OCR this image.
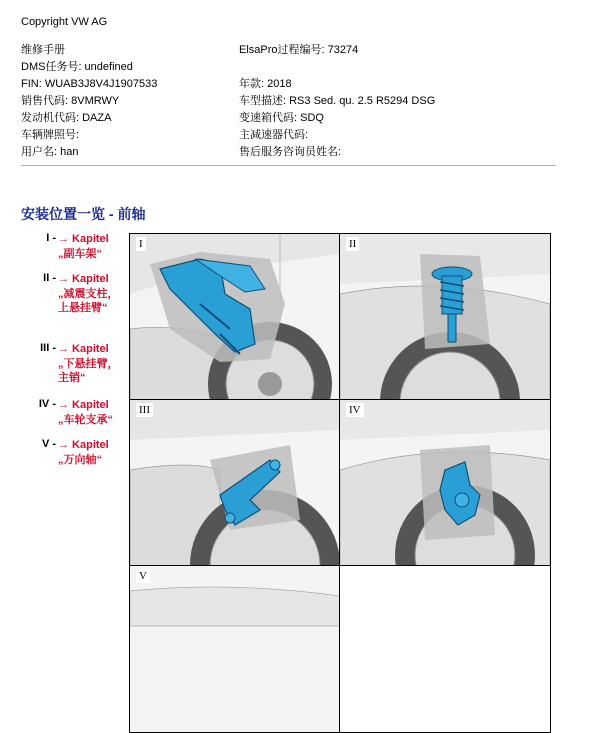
Copyright VW AG
维修手册
DMS任务号: undefined
FIN: WUAB3J8V4J1907533
销售代码: 8VMRWY
发动机代码: DAZA
车辆牌照号:
用户名: han
ElsaPro过程编号: 73274
年款: 2018
车型描述: RS3 Sed. qu. 2.5 R5294 DSG
变速箱代码: SDQ
主减速器代码:
售后服务咨询员姓名:
安装位置一览 - 前轴
I - → Kapitel „副车架“
II - → Kapitel „减震支柱，上悬挂臂“
III - → Kapitel „下悬挂臂，主销“
IV - → Kapitel „车轮支承“
V - → Kapitel „万向轴“
I	II
III	IV
V
